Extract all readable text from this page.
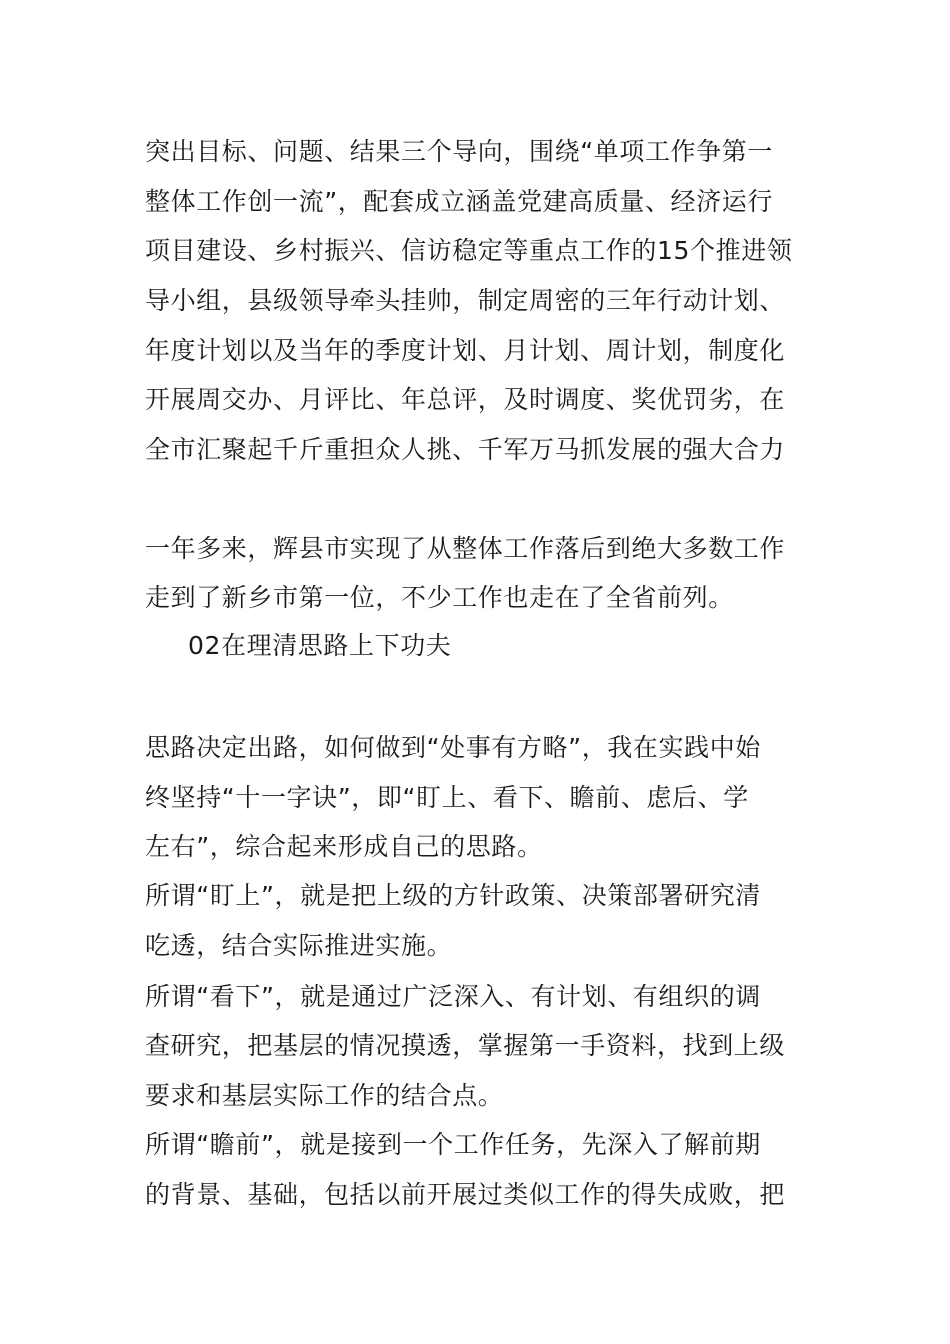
突出目标、问题、结果三个导向，围绕“单项工作争第一
整体工作创一流”，配套成立涵盖党建高质量、经济运行
项目建设、乡村振兴、信访稳定等重点工作的15个推进领
导小组，县级领导牵头挂帅，制定周密的三年行动计划、
年度计划以及当年的季度计划、月计划、周计划，制度化
开展周交办、月评比、年总评，及时调度、奖优罚劣，在
全市汇聚起千斤重担众人挑、千军万马抓发展的强大合力
一年多来，辉县市实现了从整体工作落后到绝大多数工作
走到了新乡市第一位，不少工作也走在了全省前列。
02在理清思路上下功夫
思路决定出路，如何做到“处事有方略”，我在实践中始
终坚持“十一字诀”，即“盯上、看下、瞻前、虑后、学
左右”，综合起来形成自己的思路。
所谓“盯上”，就是把上级的方针政策、决策部署研究清
吃透，结合实际推进实施。
所谓“看下”，就是通过广泛深入、有计划、有组织的调
查研究，把基层的情况摸透，掌握第一手资料，找到上级
要求和基层实际工作的结合点。
所谓“瞻前”，就是接到一个工作任务，先深入了解前期
的背景、基础，包括以前开展过类似工作的得失成败，把
